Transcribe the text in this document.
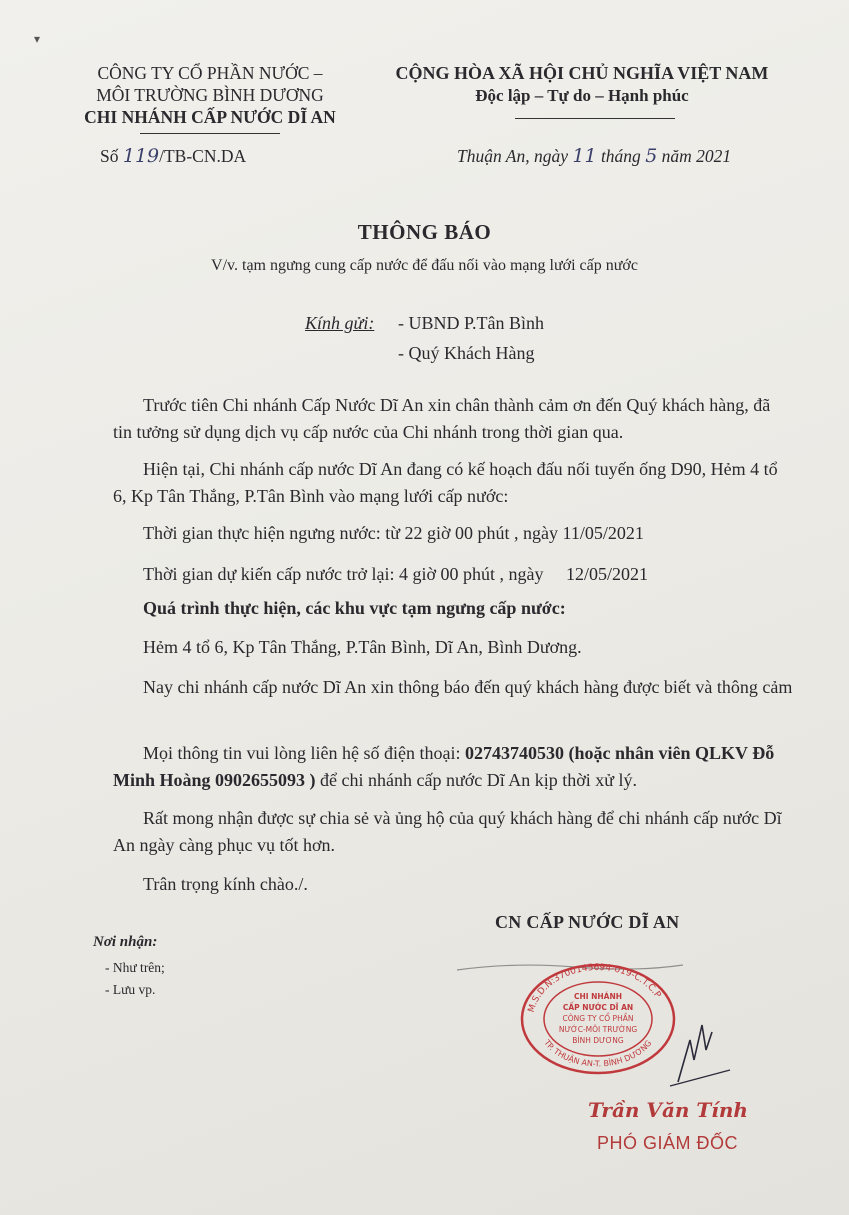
▾
CÔNG TY CỔ PHẦN NƯỚC –
MÔI TRƯỜNG BÌNH DƯƠNG
CHI NHÁNH CẤP NƯỚC DĨ AN
CỘNG HÒA XÃ HỘI CHỦ NGHĨA VIỆT NAM
Độc lập – Tự do – Hạnh phúc
Số 119/TB-CN.DA	Thuận An, ngày 11 tháng 5 năm 2021
THÔNG BÁO
V/v. tạm ngưng cung cấp nước để đấu nối vào mạng lưới cấp nước
Kính gửi: - UBND P.Tân Bình
- Quý Khách Hàng
Trước tiên Chi nhánh Cấp Nước Dĩ An xin chân thành cảm ơn đến Quý khách hàng, đã tin tưởng sử dụng dịch vụ cấp nước của Chi nhánh trong thời gian qua.
Hiện tại, Chi nhánh cấp nước Dĩ An đang có kế hoạch đấu nối tuyến ống D90, Hẻm 4 tổ 6, Kp Tân Thắng, P.Tân Bình vào mạng lưới cấp nước:
Thời gian thực hiện ngưng nước: từ 22 giờ 00 phút , ngày 11/05/2021
Thời gian dự kiến cấp nước trở lại: 4 giờ 00 phút , ngày     12/05/2021
Quá trình thực hiện, các khu vực tạm ngưng cấp nước:
Hẻm 4 tổ 6, Kp Tân Thắng, P.Tân Bình, Dĩ An, Bình Dương.
Nay chi nhánh cấp nước Dĩ An xin thông báo đến quý khách hàng được biết và thông cảm
Mọi thông tin vui lòng liên hệ số điện thoại: 02743740530 (hoặc nhân viên QLKV Đỗ Minh Hoàng 0902655093 ) để chi nhánh cấp nước Dĩ An kịp thời xử lý.
Rất mong nhận được sự chia sẻ và ủng hộ của quý khách hàng để chi nhánh cấp nước Dĩ An ngày càng phục vụ tốt hơn.
Trân trọng kính chào./.
Nơi nhận:
- Như trên;
- Lưu vp.
CN CẤP NƯỚC DĨ AN
M.S.D.N:3700145694-019-C.T.C.P
TP. THUẬN AN-T. BÌNH DƯƠNG
CHI NHÁNH
CẤP NƯỚC DĨ AN
CÔNG TY CỔ PHẦN
NƯỚC-MÔI TRƯỜNG
BÌNH DƯƠNG
Trần Văn Tính
PHÓ GIÁM ĐỐC
